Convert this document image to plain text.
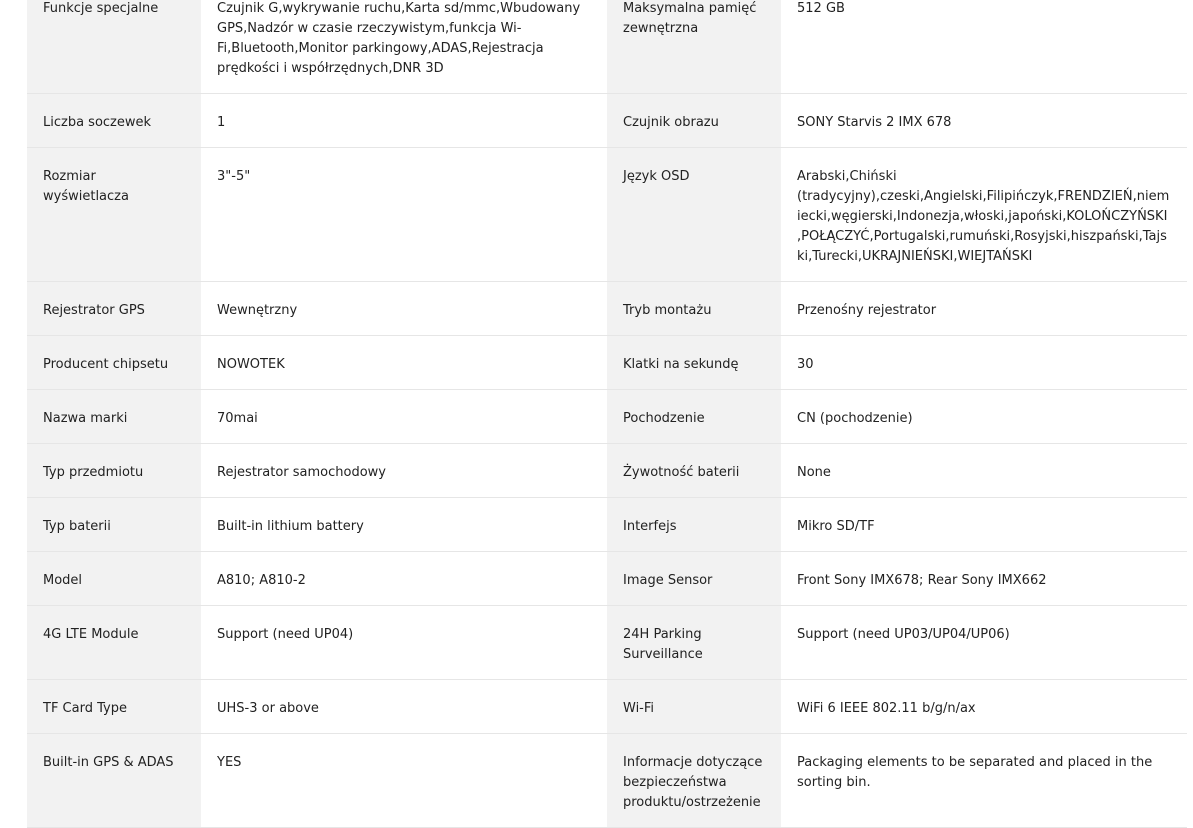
Funkcje specjalne	Czujnik G,wykrywanie ruchu,Karta sd/mmc,Wbudowany GPS,Nadzór w czasie rzeczywistym,funkcja Wi-Fi,Bluetooth,Monitor parkingowy,ADAS,Rejestracja prędkości i współrzędnych,DNR 3D	Maksymalna pamięć zewnętrzna	512 GB
Liczba soczewek	1	Czujnik obrazu	SONY Starvis 2 IMX 678
Rozmiar wyświetlacza	3"-5"	Język OSD	Arabski,Chiński (tradycyjny),czeski,Angielski,Filipińczyk,FRENDZIEŃ,niemiecki,węgierski,Indonezja,włoski,japoński,KOLOŃCZYŃSKI,POŁĄCZYĆ,Portugalski,rumuński,Rosyjski,hiszpański,Tajski,Turecki,UKRAJNIEŃSKI,WIEJTAŃSKI
Rejestrator GPS	Wewnętrzny	Tryb montażu	Przenośny rejestrator
Producent chipsetu	NOWOTEK	Klatki na sekundę	30
Nazwa marki	70mai	Pochodzenie	CN (pochodzenie)
Typ przedmiotu	Rejestrator samochodowy	Żywotność baterii	None
Typ baterii	Built-in lithium battery	Interfejs	Mikro SD/TF
Model	A810; A810-2	Image Sensor	Front Sony IMX678; Rear Sony IMX662
4G LTE Module	Support (need UP04)	24H Parking Surveillance	Support (need UP03/UP04/UP06)
TF Card Type	UHS-3 or above	Wi-Fi	WiFi 6 IEEE 802.11 b/g/n/ax
Built-in GPS & ADAS	YES	Informacje dotyczące bezpieczeństwa produktu/ostrzeżenie	Packaging elements to be separated and placed in the sorting bin.
